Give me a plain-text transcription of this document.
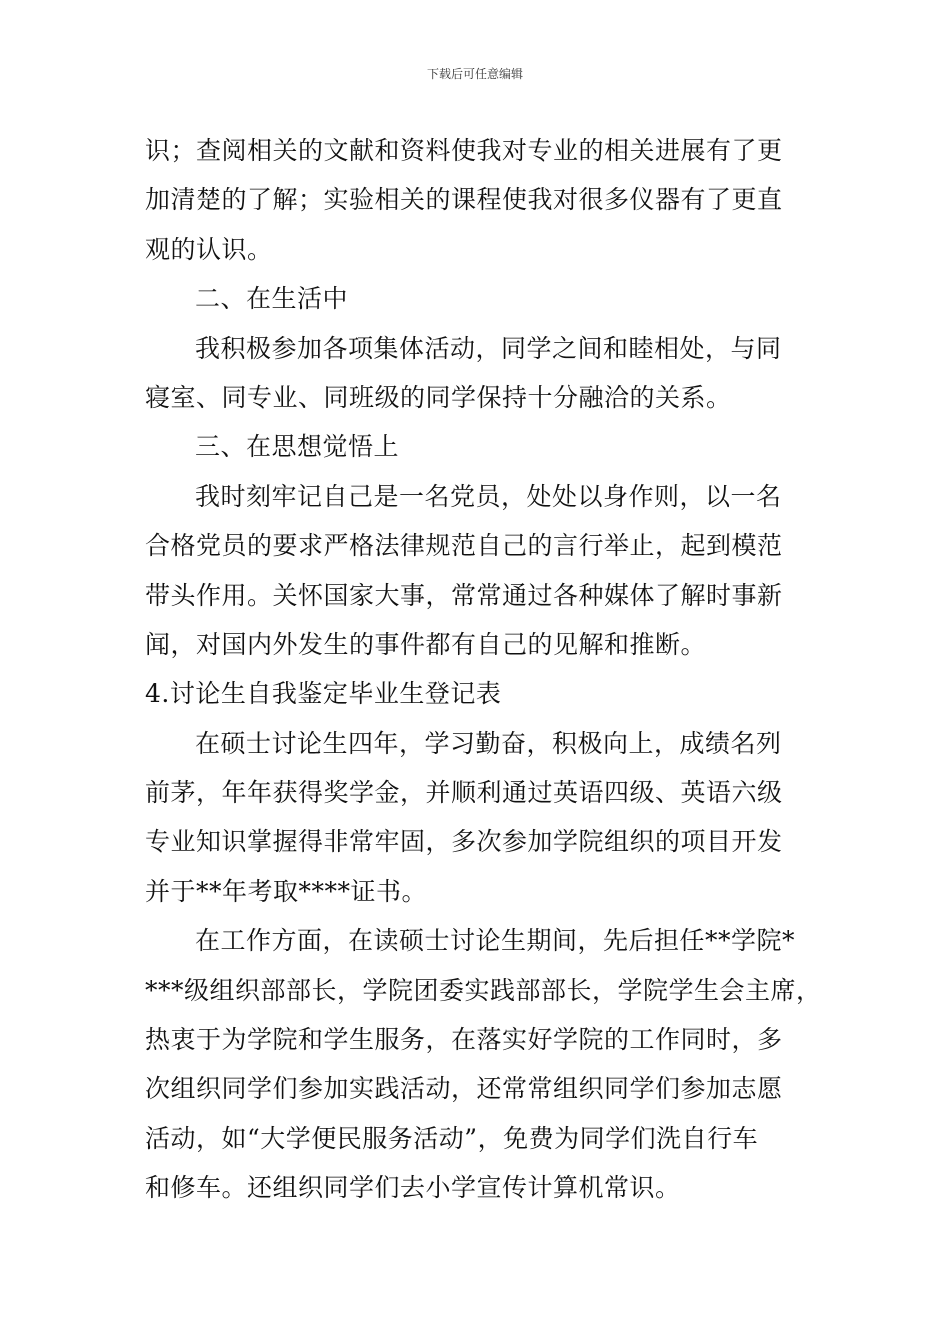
下载后可任意编辑
识；查阅相关的文献和资料使我对专业的相关进展有了更
加清楚的了解；实验相关的课程使我对很多仪器有了更直
观的认识。
二、在生活中
我积极参加各项集体活动，同学之间和睦相处，与同
寝室、同专业、同班级的同学保持十分融洽的关系。
三、在思想觉悟上
我时刻牢记自己是一名党员，处处以身作则，以一名
合格党员的要求严格法律规范自己的言行举止，起到模范
带头作用。关怀国家大事，常常通过各种媒体了解时事新
闻，对国内外发生的事件都有自己的见解和推断。
4.讨论生自我鉴定毕业生登记表
在硕士讨论生四年，学习勤奋，积极向上，成绩名列
前茅，年年获得奖学金，并顺利通过英语四级、英语六级
专业知识掌握得非常牢固，多次参加学院组织的项目开发
并于**年考取****证书。
在工作方面，在读硕士讨论生期间，先后担任**学院*
***级组织部部长，学院团委实践部部长，学院学生会主席，
热衷于为学院和学生服务，在落实好学院的工作同时，多
次组织同学们参加实践活动，还常常组织同学们参加志愿
活动，如“大学便民服务活动”，免费为同学们洗自行车
和修车。还组织同学们去小学宣传计算机常识。
